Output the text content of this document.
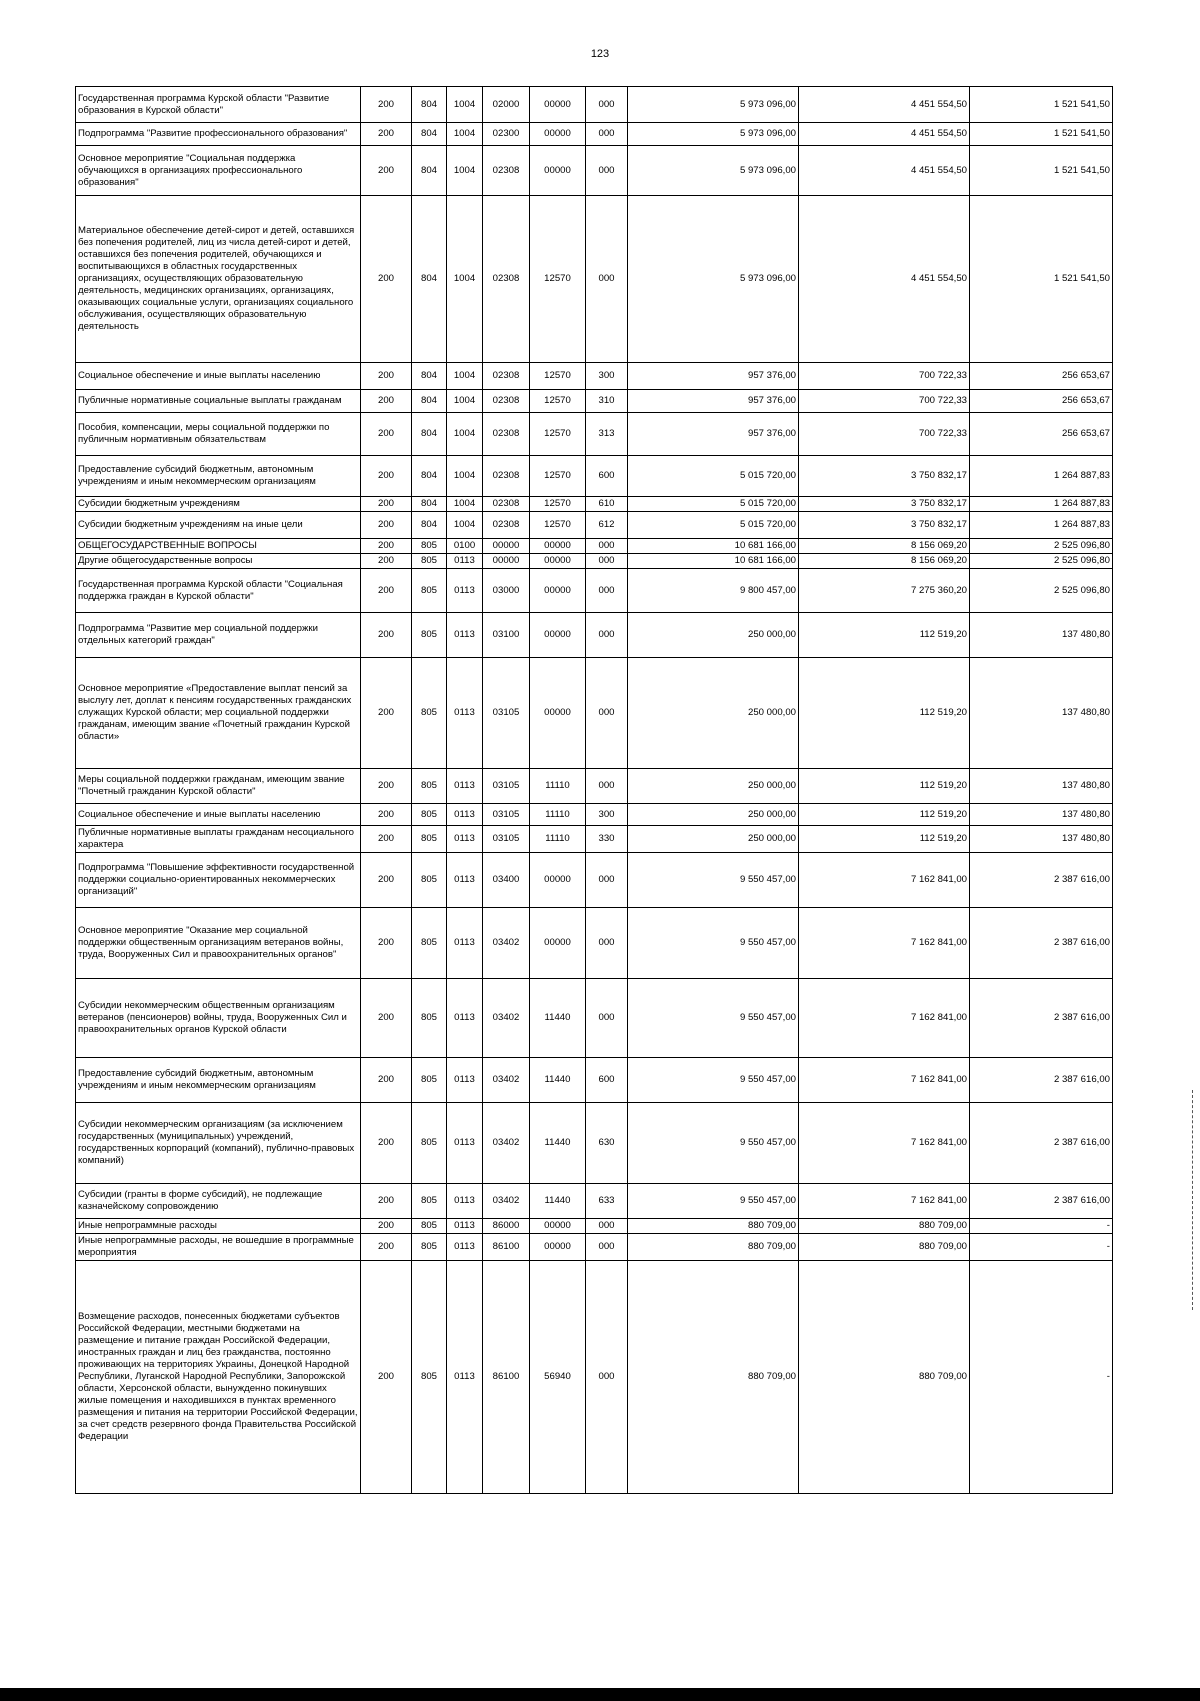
123
Государственная программа Курской области "Развитие образования в Курской области"	200	804	1004	02000	00000	000	5 973 096,00	4 451 554,50	1 521 541,50
Подпрограмма "Развитие профессионального образования"	200	804	1004	02300	00000	000	5 973 096,00	4 451 554,50	1 521 541,50
Основное мероприятие "Социальная поддержка обучающихся в организациях профессионального образования"	200	804	1004	02308	00000	000	5 973 096,00	4 451 554,50	1 521 541,50
Материальное обеспечение детей-сирот и детей, оставшихся без попечения родителей, лиц из числа детей-сирот и детей, оставшихся без попечения родителей, обучающихся и воспитывающихся в областных государственных организациях, осуществляющих образовательную деятельность, медицинских организациях, организациях, оказывающих социальные услуги, организациях социального обслуживания, осуществляющих образовательную деятельность	200	804	1004	02308	12570	000	5 973 096,00	4 451 554,50	1 521 541,50
Социальное обеспечение и иные выплаты населению	200	804	1004	02308	12570	300	957 376,00	700 722,33	256 653,67
Публичные нормативные социальные выплаты гражданам	200	804	1004	02308	12570	310	957 376,00	700 722,33	256 653,67
Пособия, компенсации, меры социальной поддержки по публичным нормативным обязательствам	200	804	1004	02308	12570	313	957 376,00	700 722,33	256 653,67
Предоставление субсидий бюджетным, автономным учреждениям и иным некоммерческим организациям	200	804	1004	02308	12570	600	5 015 720,00	3 750 832,17	1 264 887,83
Субсидии бюджетным учреждениям	200	804	1004	02308	12570	610	5 015 720,00	3 750 832,17	1 264 887,83
Субсидии бюджетным учреждениям на иные цели	200	804	1004	02308	12570	612	5 015 720,00	3 750 832,17	1 264 887,83
ОБЩЕГОСУДАРСТВЕННЫЕ ВОПРОСЫ	200	805	0100	00000	00000	000	10 681 166,00	8 156 069,20	2 525 096,80
Другие общегосударственные вопросы	200	805	0113	00000	00000	000	10 681 166,00	8 156 069,20	2 525 096,80
Государственная программа Курской области "Социальная поддержка граждан в Курской области"	200	805	0113	03000	00000	000	9 800 457,00	7 275 360,20	2 525 096,80
Подпрограмма "Развитие мер социальной поддержки отдельных категорий граждан"	200	805	0113	03100	00000	000	250 000,00	112 519,20	137 480,80
Основное мероприятие «Предоставление выплат пенсий за выслугу лет, доплат к пенсиям государственных гражданских служащих Курской области; мер социальной поддержки гражданам, имеющим звание «Почетный гражданин Курской области»	200	805	0113	03105	00000	000	250 000,00	112 519,20	137 480,80
Меры социальной поддержки гражданам, имеющим звание "Почетный гражданин Курской области"	200	805	0113	03105	11110	000	250 000,00	112 519,20	137 480,80
Социальное обеспечение и иные выплаты населению	200	805	0113	03105	11110	300	250 000,00	112 519,20	137 480,80
Публичные нормативные выплаты гражданам несоциального характера	200	805	0113	03105	11110	330	250 000,00	112 519,20	137 480,80
Подпрограмма "Повышение эффективности государственной поддержки социально-ориентированных некоммерческих организаций"	200	805	0113	03400	00000	000	9 550 457,00	7 162 841,00	2 387 616,00
Основное мероприятие "Оказание мер социальной поддержки общественным организациям ветеранов войны, труда, Вооруженных Сил и правоохранительных органов"	200	805	0113	03402	00000	000	9 550 457,00	7 162 841,00	2 387 616,00
Субсидии некоммерческим общественным организациям ветеранов (пенсионеров) войны, труда, Вооруженных Сил и правоохранительных органов Курской области	200	805	0113	03402	11440	000	9 550 457,00	7 162 841,00	2 387 616,00
Предоставление субсидий бюджетным, автономным учреждениям и иным некоммерческим организациям	200	805	0113	03402	11440	600	9 550 457,00	7 162 841,00	2 387 616,00
Субсидии некоммерческим организациям (за исключением государственных (муниципальных) учреждений, государственных корпораций (компаний), публично-правовых компаний)	200	805	0113	03402	11440	630	9 550 457,00	7 162 841,00	2 387 616,00
Субсидии (гранты в форме субсидий), не подлежащие казначейскому сопровождению	200	805	0113	03402	11440	633	9 550 457,00	7 162 841,00	2 387 616,00
Иные непрограммные расходы	200	805	0113	86000	00000	000	880 709,00	880 709,00	-
Иные непрограммные расходы, не вошедшие в программные мероприятия	200	805	0113	86100	00000	000	880 709,00	880 709,00	-
Возмещение расходов, понесенных бюджетами субъектов Российской Федерации, местными бюджетами на размещение и питание граждан Российской Федерации, иностранных граждан и лиц без гражданства, постоянно проживающих на территориях Украины, Донецкой Народной Республики, Луганской Народной Республики, Запорожской области, Херсонской области, вынужденно покинувших жилые помещения и находившихся в пунктах временного размещения и питания на территории Российской Федерации, за счет средств резервного фонда Правительства Российской Федерации	200	805	0113	86100	56940	000	880 709,00	880 709,00	-
